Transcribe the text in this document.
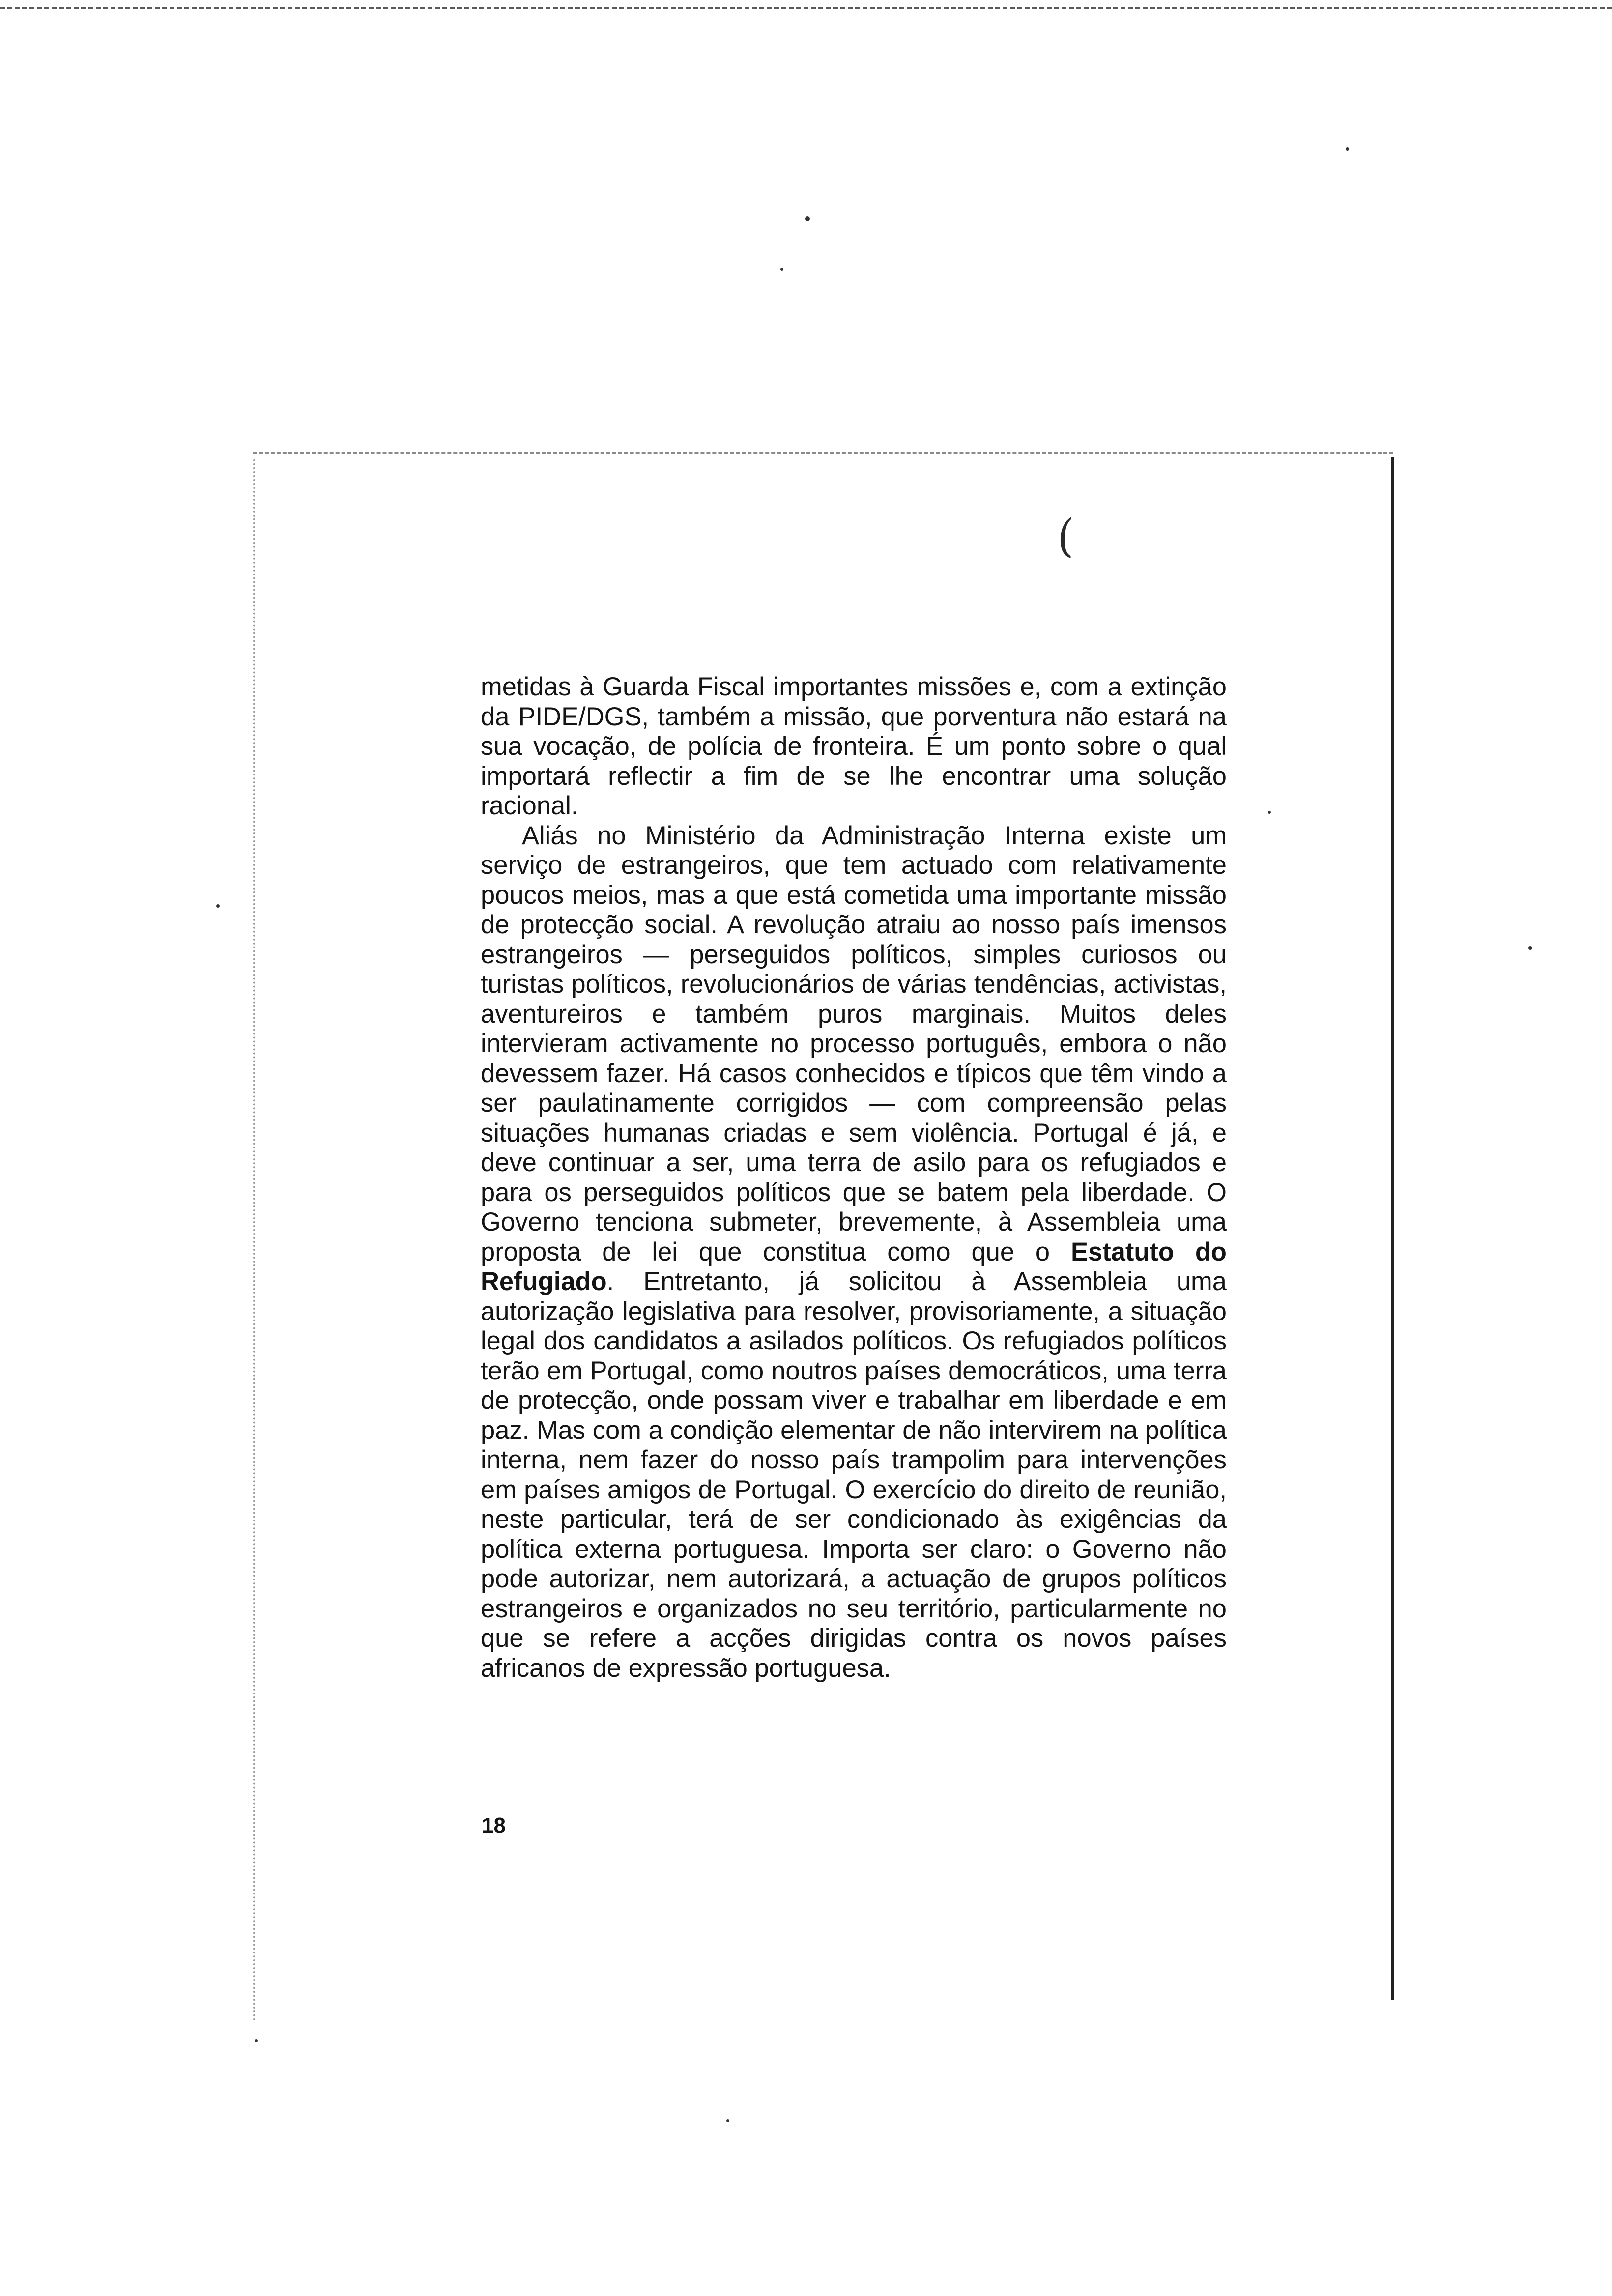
(

metidas à Guarda Fiscal importantes missões e, com a extinção da PIDE/DGS, também a missão, que porventura não estará na sua vocação, de polícia de fronteira. É um ponto sobre o qual importará reflectir a fim de se lhe encontrar uma solução racional.

Aliás no Ministério da Administração Interna existe um serviço de estrangeiros, que tem actuado com relativamente poucos meios, mas a que está cometida uma importante missão de protecção social. A revolução atraiu ao nosso país imensos estrangeiros — perseguidos políticos, simples curiosos ou turistas políticos, revolucionários de várias tendências, activistas, aventureiros e também puros marginais. Muitos deles intervieram activamente no processo português, embora o não devessem fazer. Há casos conhecidos e típicos que têm vindo a ser paulatinamente corrigidos — com compreensão pelas situações humanas criadas e sem violência. Portugal é já, e deve continuar a ser, uma terra de asilo para os refugiados e para os perseguidos políticos que se batem pela liberdade. O Governo tenciona submeter, brevemente, à Assembleia uma proposta de lei que constitua como que o Estatuto do Refugiado. Entretanto, já solicitou à Assembleia uma autorização legislativa para resolver, provisoriamente, a situação legal dos candidatos a asilados políticos. Os refugiados políticos terão em Portugal, como noutros países democráticos, uma terra de protecção, onde possam viver e trabalhar em liberdade e em paz. Mas com a condição elementar de não intervirem na política interna, nem fazer do nosso país trampolim para intervenções em países amigos de Portugal. O exercício do direito de reunião, neste particular, terá de ser condicionado às exigências da política externa portuguesa. Importa ser claro: o Governo não pode autorizar, nem autorizará, a actuação de grupos políticos estrangeiros e organizados no seu território, particularmente no que se refere a acções dirigidas contra os novos países africanos de expressão portuguesa.

18
